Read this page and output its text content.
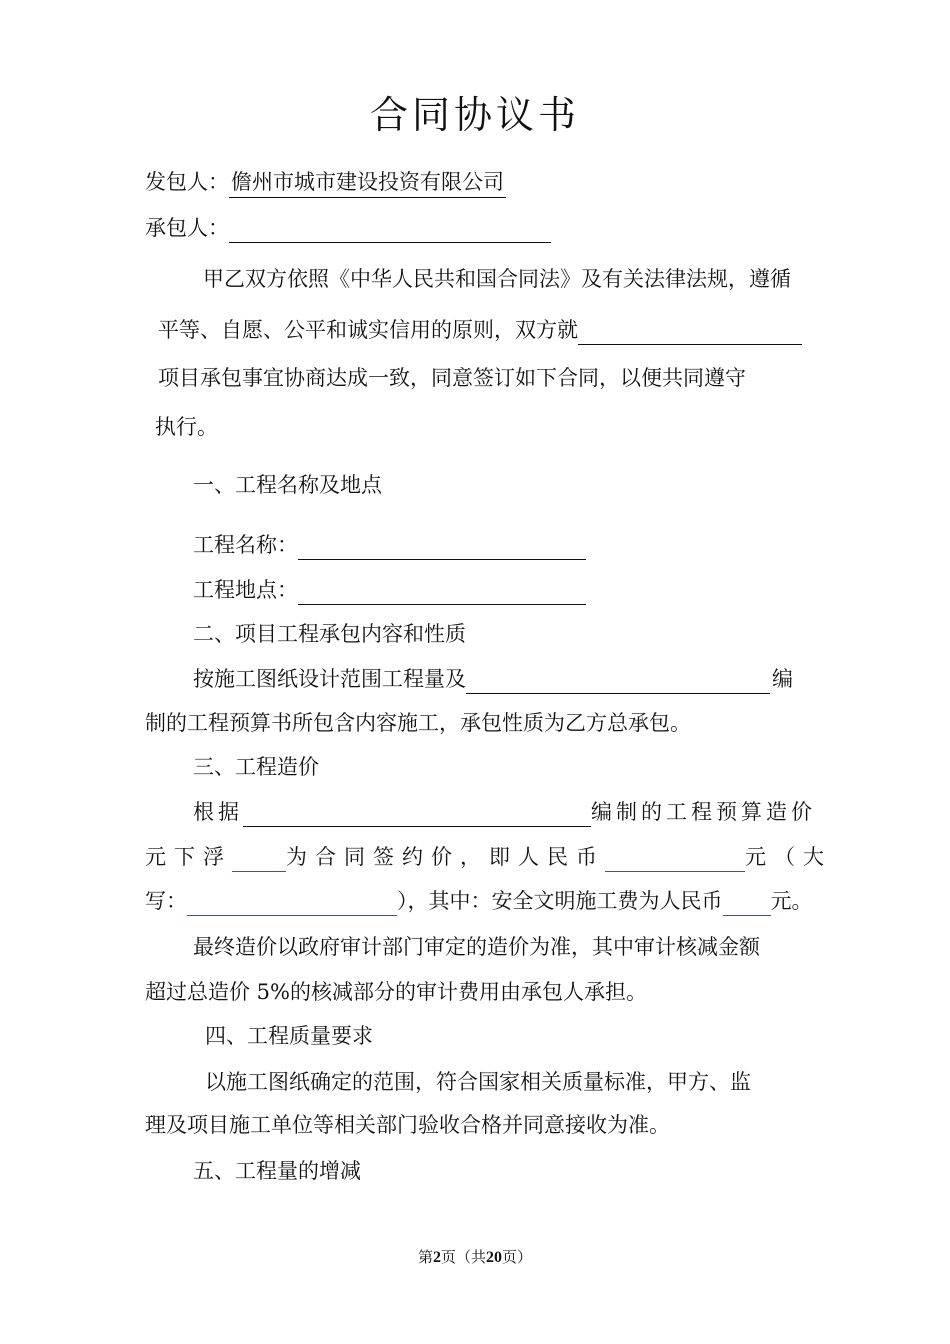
合同协议书
发包人：儋州市城市建设投资有限公司
承包人：
甲乙双方依照《中华人民共和国合同法》及有关法律法规，遵循
平等、自愿、公平和诚实信用的原则，双方就
项目承包事宜协商达成一致，同意签订如下合同，以便共同遵守
执行。
一、工程名称及地点
工程名称：
工程地点：
二、项目工程承包内容和性质
按施工图纸设计范围工程量及	编
制的工程预算书所包含内容施工，承包性质为乙方总承包。
三、工程造价
根据	编制的工程预算造价
元下浮	为合同签约价，即人民币	元（大
写：	），其中：安全文明施工费为人民币 元。
最终造价以政府审计部门审定的造价为准，其中审计核减金额
超过总造价 5%的核减部分的审计费用由承包人承担。
四、工程质量要求
以施工图纸确定的范围，符合国家相关质量标准，甲方、监
理及项目施工单位等相关部门验收合格并同意接收为准。
五、工程量的增减
第2页（共20页）
